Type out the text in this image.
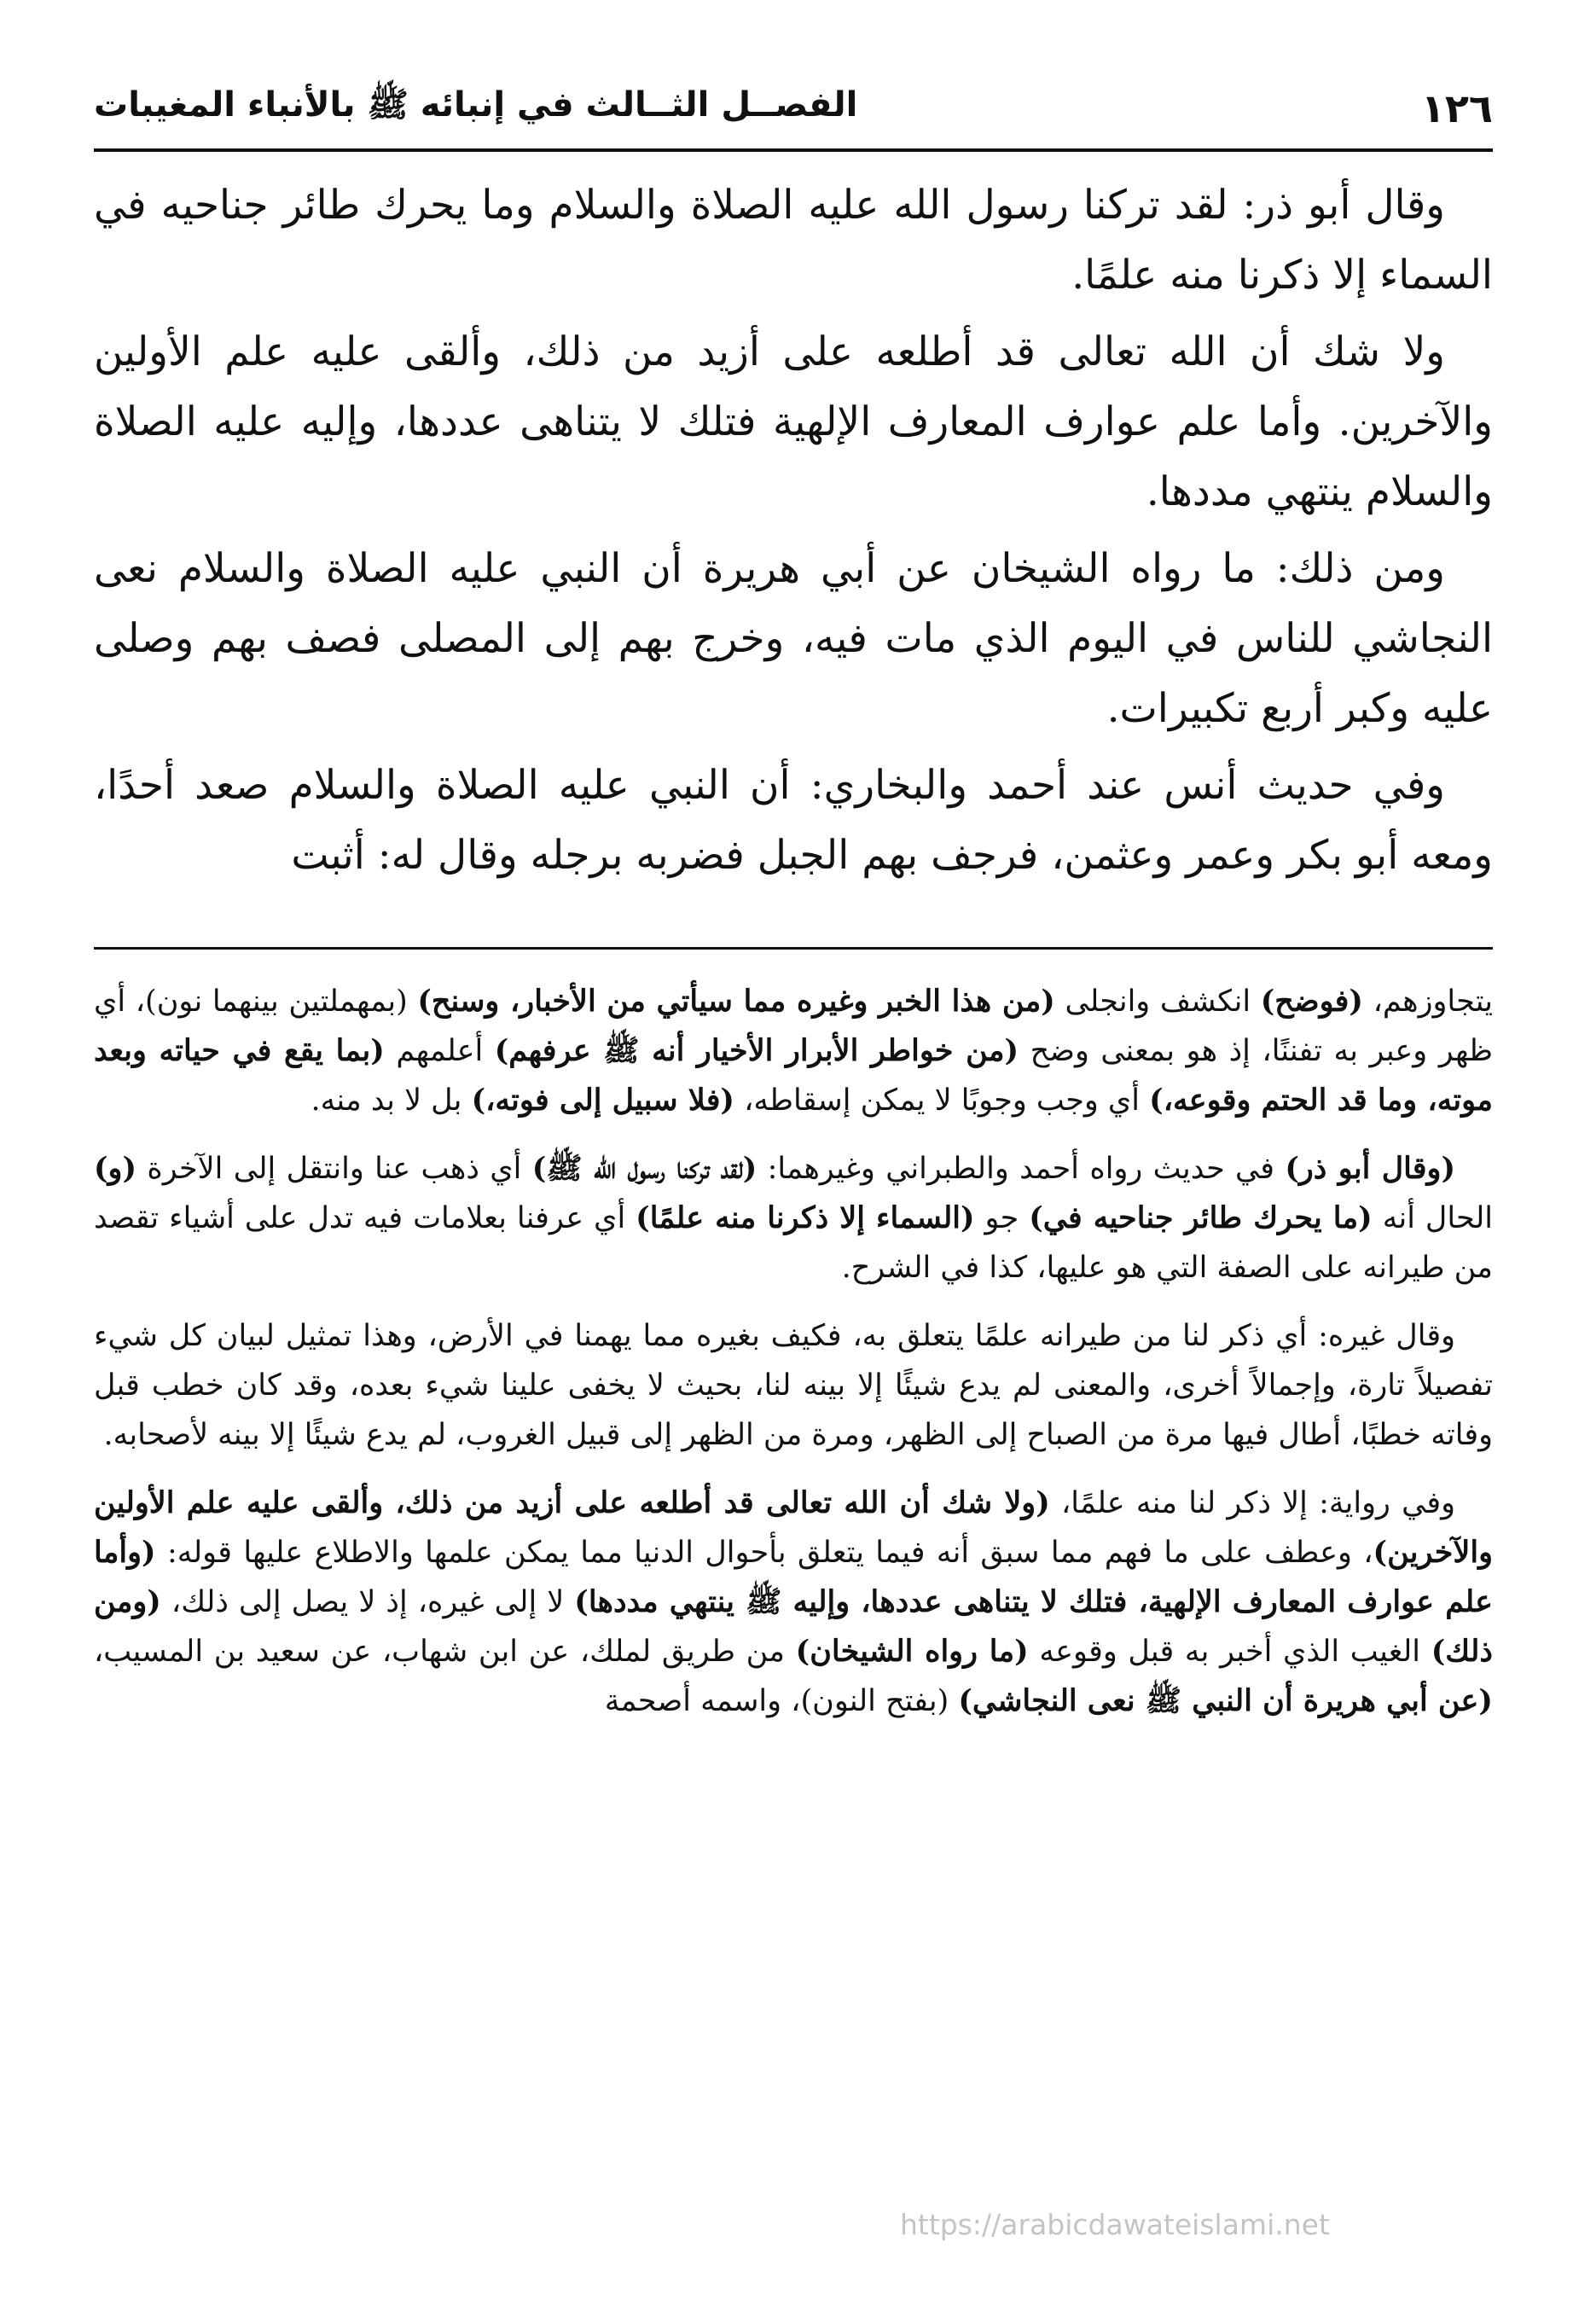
١٢٦
الفصــل الثــالث في إنبائه ﷺ بالأنباء المغيبات

وقال أبو ذر: لقد تركنا رسول الله عليه الصلاة والسلام وما يحرك طائر جناحيه في السماء إلا ذكرنا منه علمًا.

ولا شك أن الله تعالى قد أطلعه على أزيد من ذلك، وألقى عليه علم الأولين والآخرين. وأما علم عوارف المعارف الإلهية فتلك لا يتناهى عددها، وإليه عليه الصلاة والسلام ينتهي مددها.

ومن ذلك: ما رواه الشيخان عن أبي هريرة أن النبي عليه الصلاة والسلام نعى النجاشي للناس في اليوم الذي مات فيه، وخرج بهم إلى المصلى فصف بهم وصلى عليه وكبر أربع تكبيرات.

وفي حديث أنس عند أحمد والبخاري: أن النبي عليه الصلاة والسلام صعد أحدًا، ومعه أبو بكر وعمر وعثمن، فرجف بهم الجبل فضربه برجله وقال له: أثبت

يتجاوزهم، (فوضح) انكشف وانجلى (من هذا الخبر وغيره مما سيأتي من الأخبار، وسنح) (بمهملتين بينهما نون)، أي ظهر وعبر به تفننًا، إذ هو بمعنى وضح (من خواطر الأبرار الأخيار أنه ﷺ عرفهم) أعلمهم (بما يقع في حياته وبعد موته، وما قد الحتم وقوعه،) أي وجب وجوبًا لا يمكن إسقاطه، (فلا سبيل إلى فوته،) بل لا بد منه.

(وقال أبو ذر) في حديث رواه أحمد والطبراني وغيرهما: (لقد تركنا رسول الله ﷺ) أي ذهب عنا وانتقل إلى الآخرة (و) الحال أنه (ما يحرك طائر جناحيه في) جو (السماء إلا ذكرنا منه علمًا) أي عرفنا بعلامات فيه تدل على أشياء تقصد من طيرانه على الصفة التي هو عليها، كذا في الشرح.

وقال غيره: أي ذكر لنا من طيرانه علمًا يتعلق به، فكيف بغيره مما يهمنا في الأرض، وهذا تمثيل لبيان كل شيء تفصيلاً تارة، وإجمالاً أخرى، والمعنى لم يدع شيئًا إلا بينه لنا، بحيث لا يخفى علينا شيء بعده، وقد كان خطب قبل وفاته خطبًا، أطال فيها مرة من الصباح إلى الظهر، ومرة من الظهر إلى قبيل الغروب، لم يدع شيئًا إلا بينه لأصحابه.

وفي رواية: إلا ذكر لنا منه علمًا، (ولا شك أن الله تعالى قد أطلعه على أزيد من ذلك، وألقى عليه علم الأولين والآخرين)، وعطف على ما فهم مما سبق أنه فيما يتعلق بأحوال الدنيا مما يمكن علمها والاطلاع عليها قوله: (وأما علم عوارف المعارف الإلهية، فتلك لا يتناهى عددها، وإليه ﷺ ينتهي مددها) لا إلى غيره، إذ لا يصل إلى ذلك، (ومن ذلك) الغيب الذي أخبر به قبل وقوعه (ما رواه الشيخان) من طريق لملك، عن ابن شهاب، عن سعيد بن المسيب، (عن أبي هريرة أن النبي ﷺ نعى النجاشي) (بفتح النون)، واسمه أصحمة

https://arabicdawateislami.net
